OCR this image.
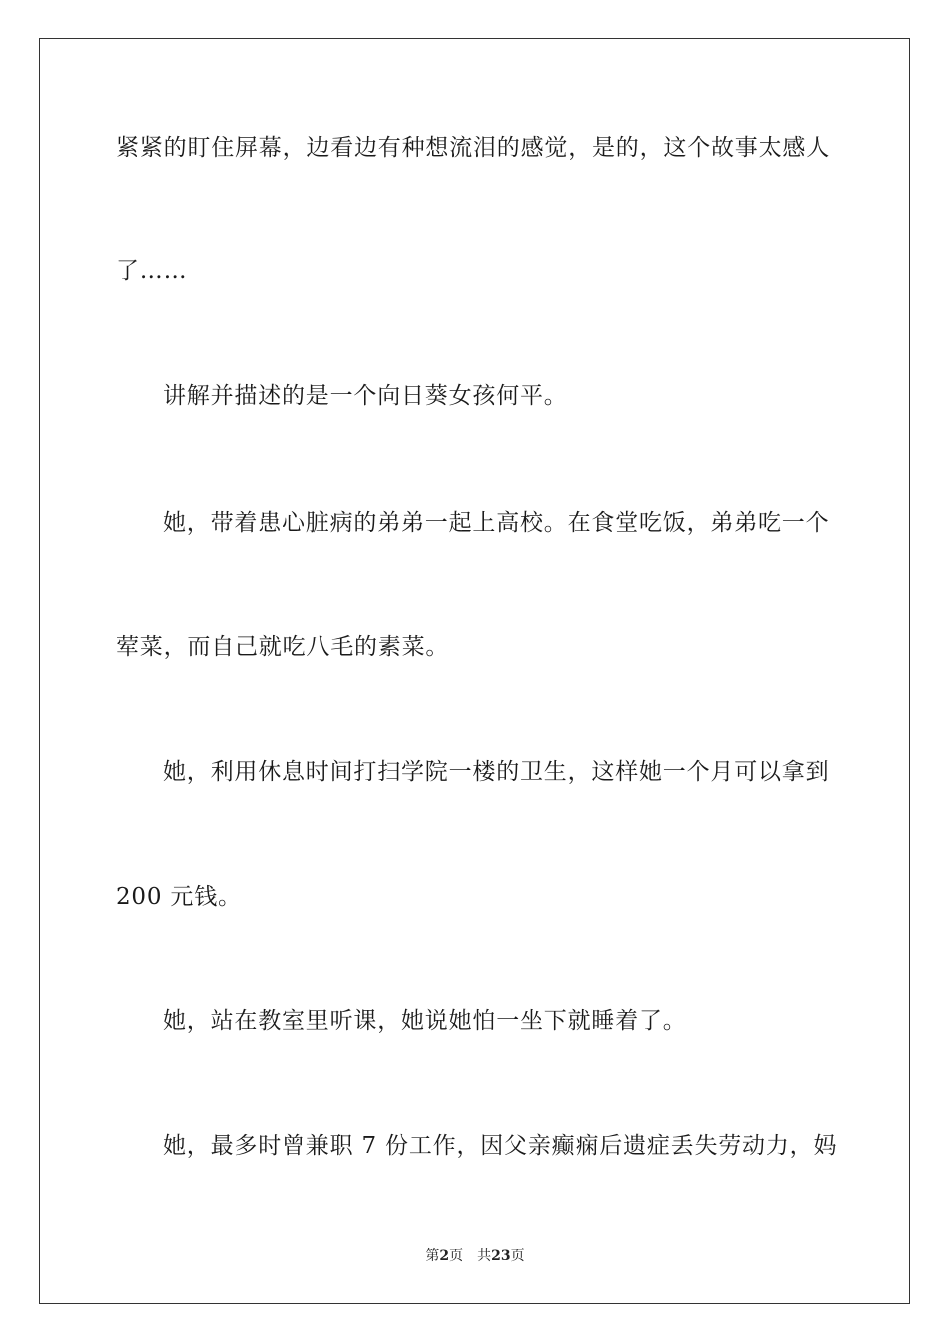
紧紧的盯住屏幕，边看边有种想流泪的感觉，是的，这个故事太感人
了……
讲解并描述的是一个向日葵女孩何平。
她，带着患心脏病的弟弟一起上高校。在食堂吃饭，弟弟吃一个
荤菜，而自己就吃八毛的素菜。
她，利用休息时间打扫学院一楼的卫生，这样她一个月可以拿到
200 元钱。
她，站在教室里听课，她说她怕一坐下就睡着了。
她，最多时曾兼职 7 份工作，因父亲癫痫后遗症丢失劳动力，妈
第2页 共23页
